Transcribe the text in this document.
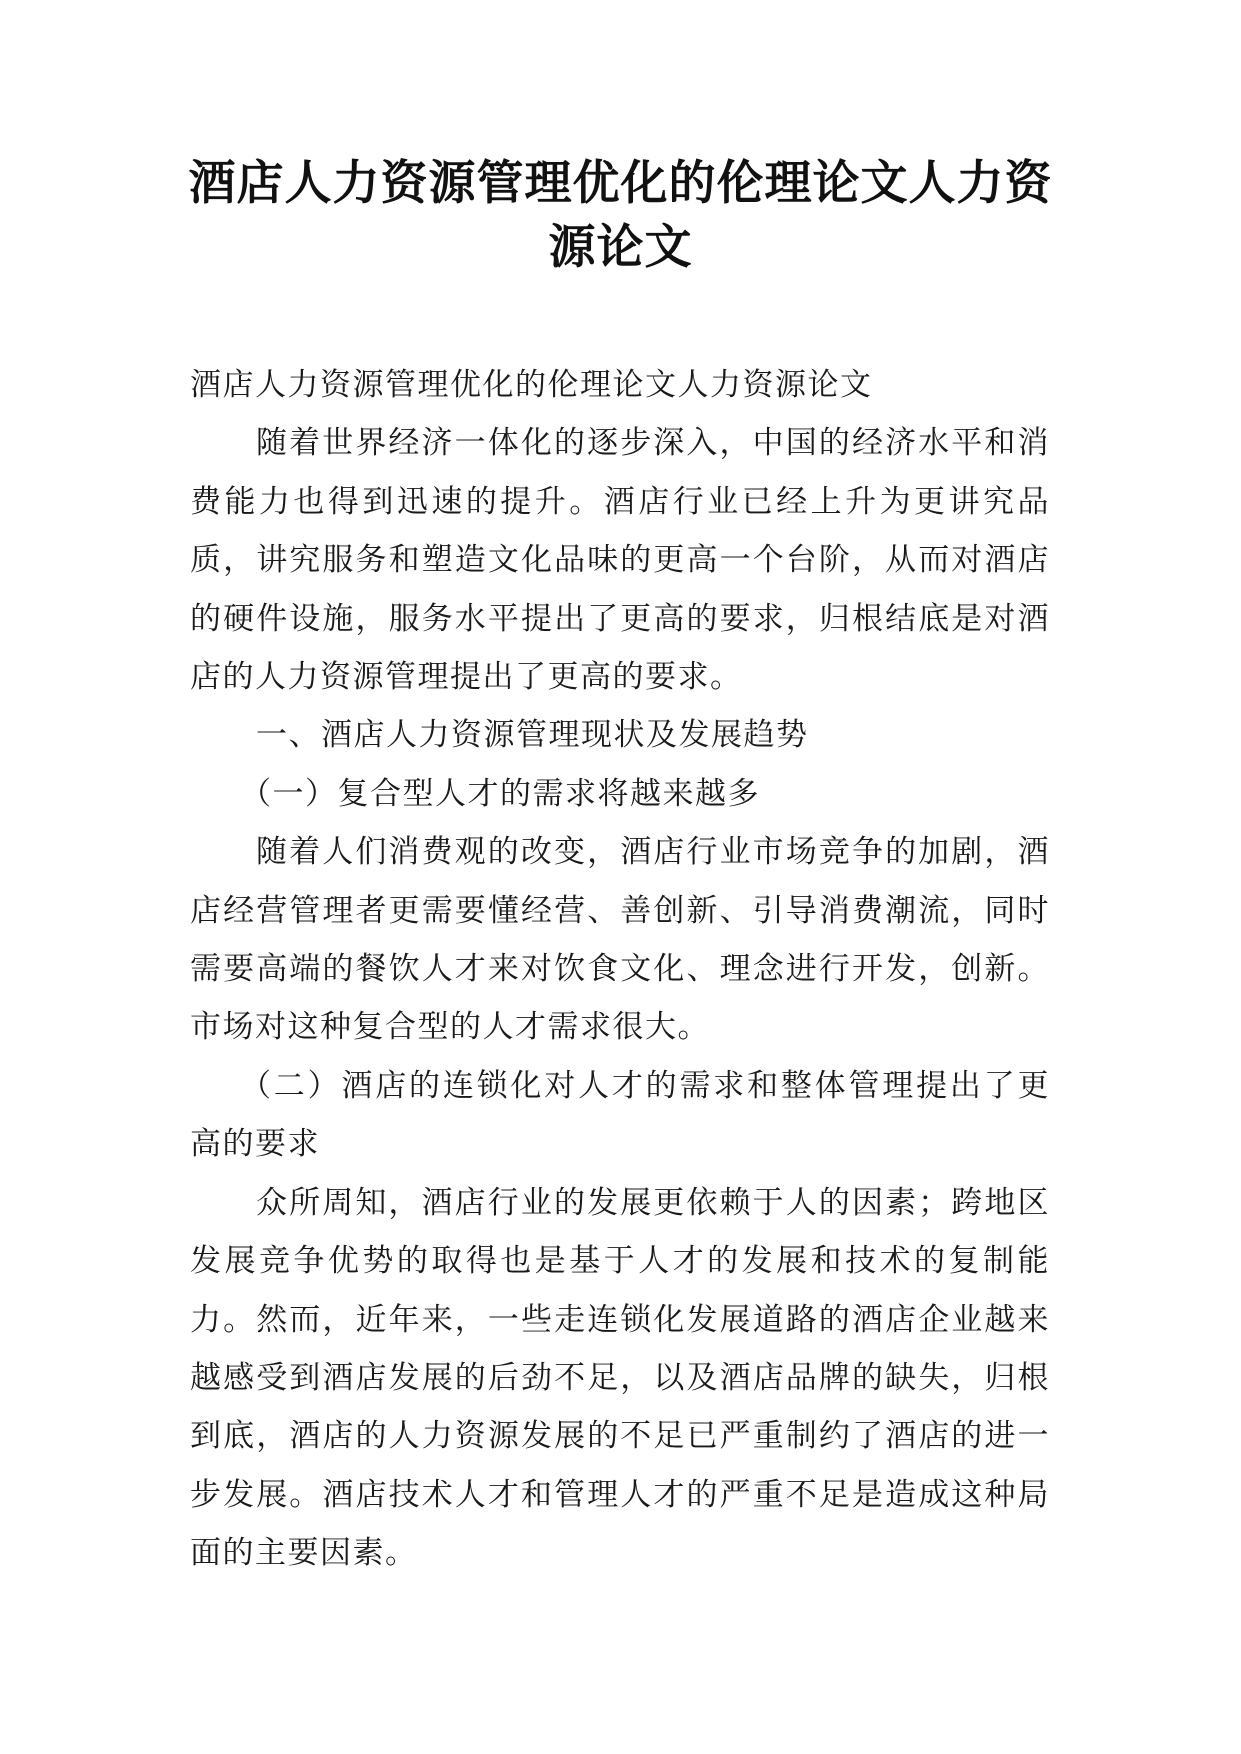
酒店人力资源管理优化的伦理论文人力资源论文

酒店人力资源管理优化的伦理论文人力资源论文

随着世界经济一体化的逐步深入，中国的经济水平和消费能力也得到迅速的提升。酒店行业已经上升为更讲究品质，讲究服务和塑造文化品味的更高一个台阶，从而对酒店的硬件设施，服务水平提出了更高的要求，归根结底是对酒店的人力资源管理提出了更高的要求。

一、酒店人力资源管理现状及发展趋势

（一）复合型人才的需求将越来越多

随着人们消费观的改变，酒店行业市场竞争的加剧，酒店经营管理者更需要懂经营、善创新、引导消费潮流，同时需要高端的餐饮人才来对饮食文化、理念进行开发，创新。市场对这种复合型的人才需求很大。

（二）酒店的连锁化对人才的需求和整体管理提出了更高的要求

众所周知，酒店行业的发展更依赖于人的因素；跨地区发展竞争优势的取得也是基于人才的发展和技术的复制能力。然而，近年来，一些走连锁化发展道路的酒店企业越来越感受到酒店发展的后劲不足，以及酒店品牌的缺失，归根到底，酒店的人力资源发展的不足已严重制约了酒店的进一步发展。酒店技术人才和管理人才的严重不足是造成这种局面的主要因素。
